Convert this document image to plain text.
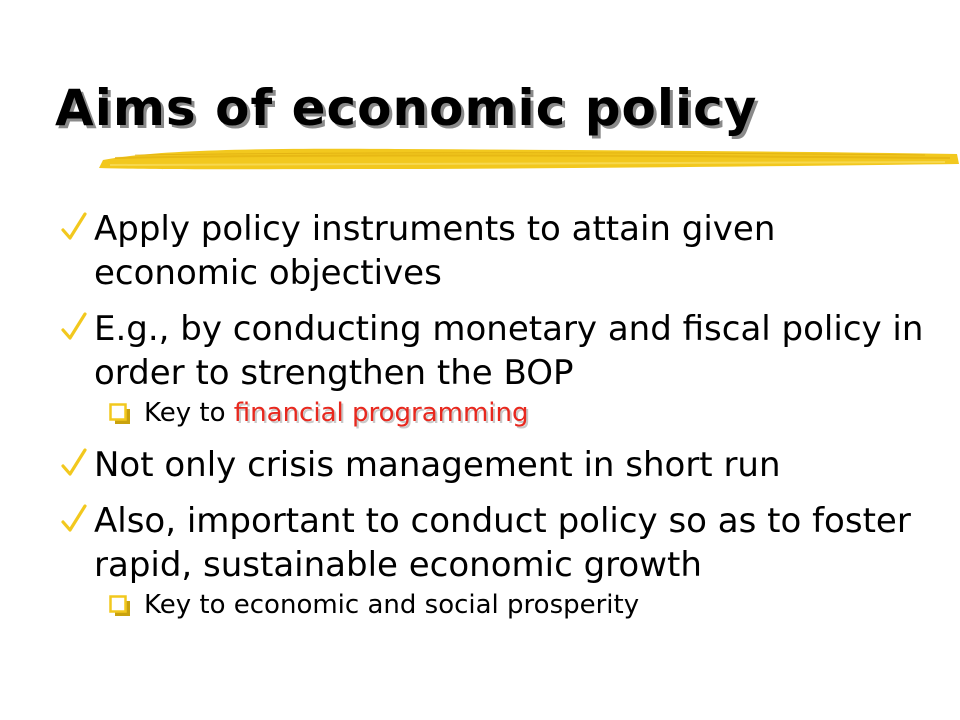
Aims of economic policy

Apply policy instruments to attain given economic objectives

E.g., by conducting monetary and fiscal policy in order to strengthen the BOP

Key to financial programming

Not only crisis management in short run

Also, important to conduct policy so as to foster rapid, sustainable economic growth

Key to economic and social prosperity
